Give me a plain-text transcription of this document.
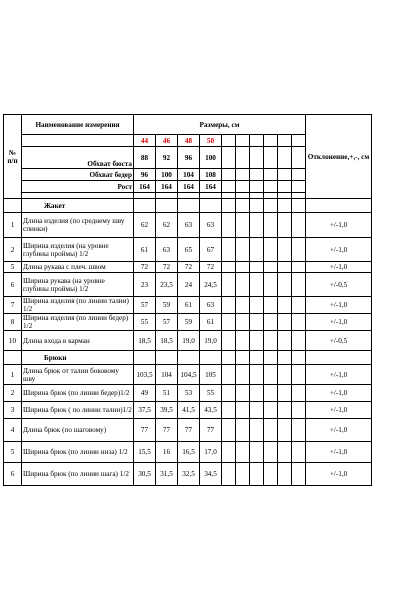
№ п/п	Наименование измерения	Размеры, см										Отклонение,+,-, см
		44	46	48	50							
	Обхват бюста	88	92	96	100							
	Обхват бедер	96	100	104	108							
	Рост	164	164	164	164							

	Жакет											
1	Длина изделия (по среднему шву спинки)	62	62	63	63							+/-1,0
2	Ширина изделия (на уровне глубины проймы) 1/2	61	63	65	67							+/-1,0
5	Длина рукава с плеч. швом	72	72	72	72							+/-1,0
6	Ширина рукава (на уровне глубины проймы) 1/2	23	23,5	24	24,5							+/-0,5
7	Ширина изделия (по линии талии) 1/2	57	59	61	63							+/-1,0
8	Ширина изделия (по линии бедер) 1/2	55	57	59	61							+/-1,0
10	Длина входа в карман	18,5	18,5	19,0	19,0							+/-0,5
	Брюки											
1	Длина брюк от талии боковому шву	103,5	104	104,5	105							+/-1,0
2	Ширина брюк (по линии бедер)1/2	49	51	53	55							+/-1,0
3	Ширина брюк ( по линии талии)1/2	37,5	39,5	41,5	43,5							+/-1,0
4	Длина брюк (по шаговому)	77	77	77	77							+/-1,0
5	Ширина брюк (по линии низа) 1/2	15,5	16	16,5	17,0							+/-1,0
6	Ширина брюк (по линии шага) 1/2	30,5	31,5	32,5	34,5							+/-1,0
